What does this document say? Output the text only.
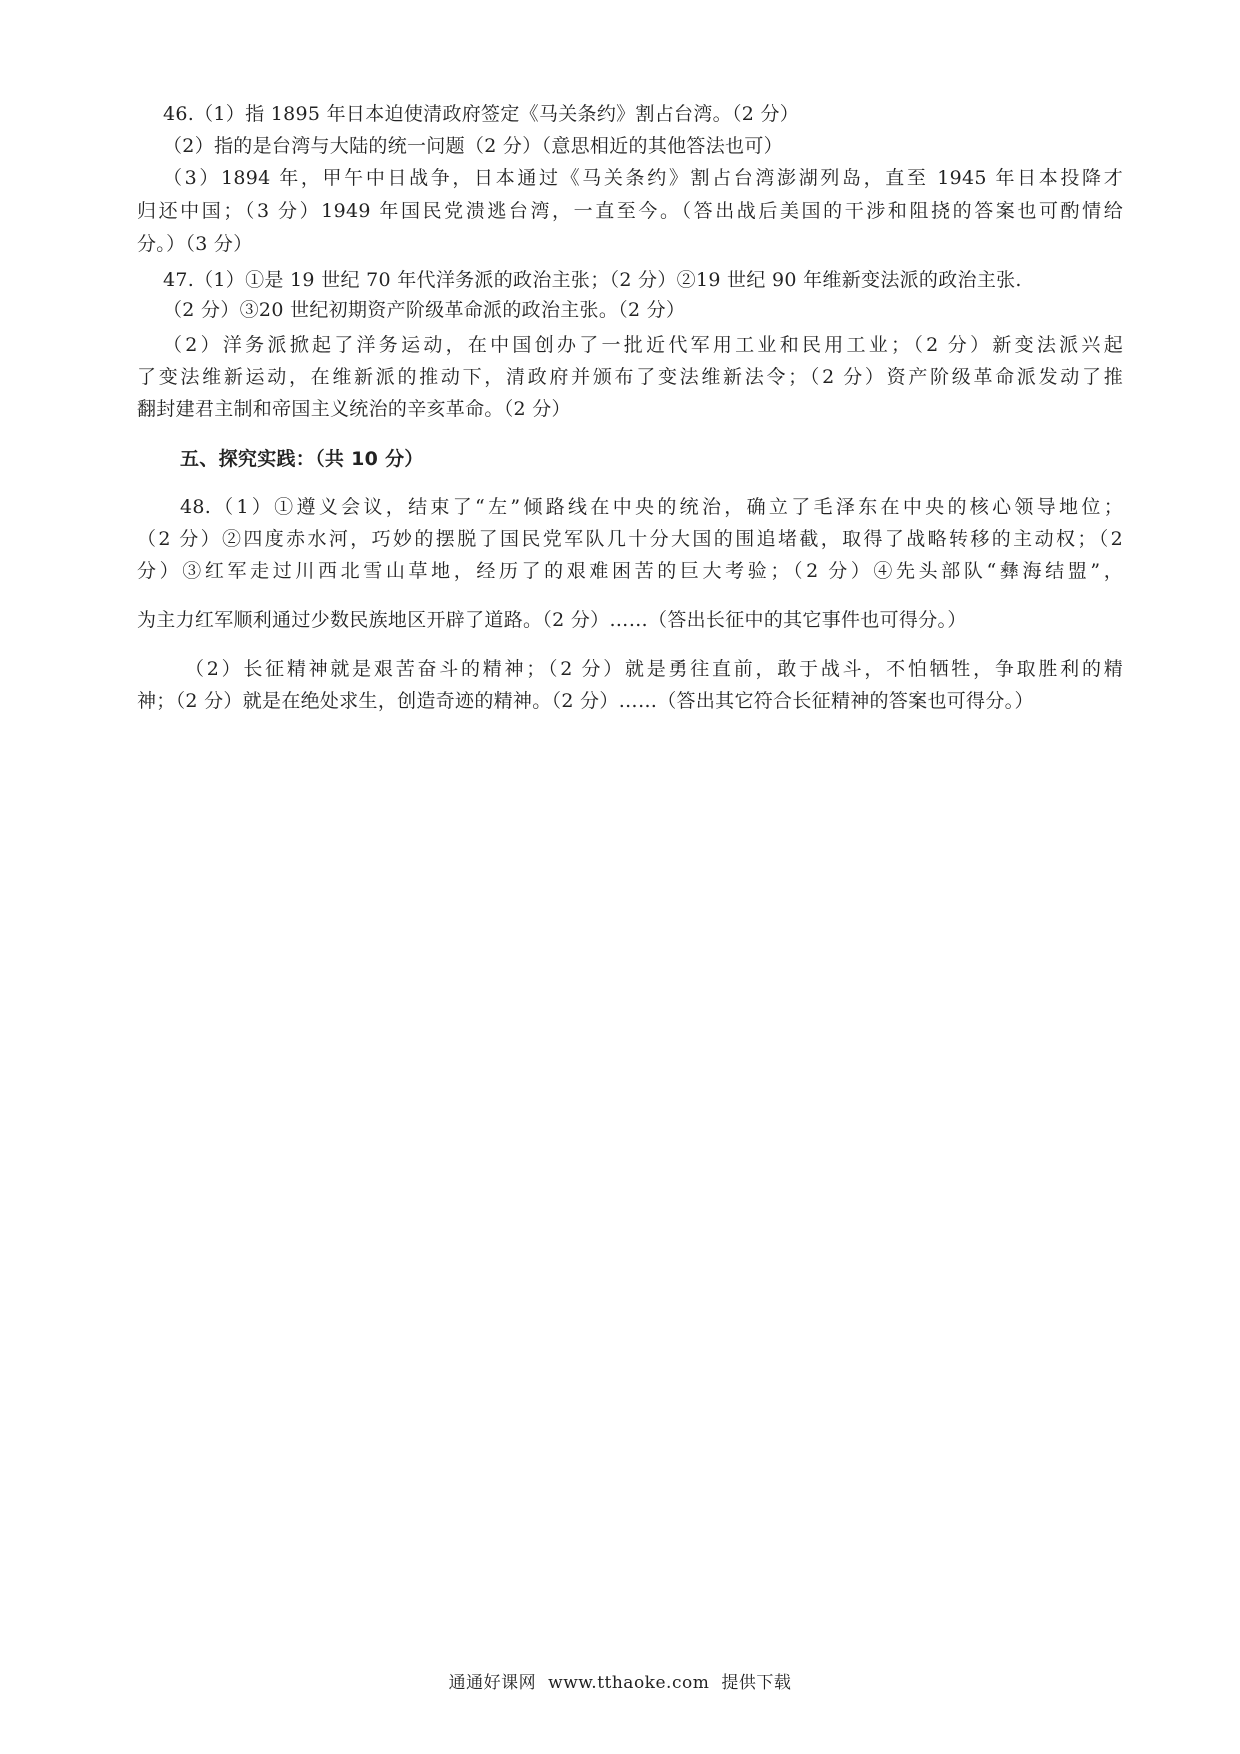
46.（1）指 1895 年日本迫使清政府签定《马关条约》割占台湾。（2 分）
（2）指的是台湾与大陆的统一问题（2 分）（意思相近的其他答法也可）
（3）1894 年，甲午中日战争，日本通过《马关条约》割占台湾澎湖列岛，直至 1945 年日本投降才
归还中国；（3 分）1949 年国民党溃逃台湾，一直至今。（答出战后美国的干涉和阻挠的答案也可酌情给
分。）（3 分）
47.（1）①是 19 世纪 70 年代洋务派的政治主张；（2 分）②19 世纪 90 年维新变法派的政治主张.
（2 分）③20 世纪初期资产阶级革命派的政治主张。（2 分）
（2）洋务派掀起了洋务运动，在中国创办了一批近代军用工业和民用工业；（2 分）新变法派兴起
了变法维新运动，在维新派的推动下，清政府并颁布了变法维新法令；（2 分）资产阶级革命派发动了推
翻封建君主制和帝国主义统治的辛亥革命。（2 分）
五、探究实践：（共 10 分）
48.（1）①遵义会议，结束了“左”倾路线在中央的统治，确立了毛泽东在中央的核心领导地位；
（2 分）②四度赤水河，巧妙的摆脱了国民党军队几十分大国的围追堵截，取得了战略转移的主动权；（2
分）③红军走过川西北雪山草地，经历了的艰难困苦的巨大考验；（2 分）④先头部队“彝海结盟”，
为主力红军顺利通过少数民族地区开辟了道路。（2 分）……（答出长征中的其它事件也可得分。）
（2）长征精神就是艰苦奋斗的精神；（2 分）就是勇往直前，敢于战斗，不怕牺牲，争取胜利的精
神；（2 分）就是在绝处求生，创造奇迹的精神。（2 分）……（答出其它符合长征精神的答案也可得分。）
通通好课网 www.tthaoke.com 提供下载
